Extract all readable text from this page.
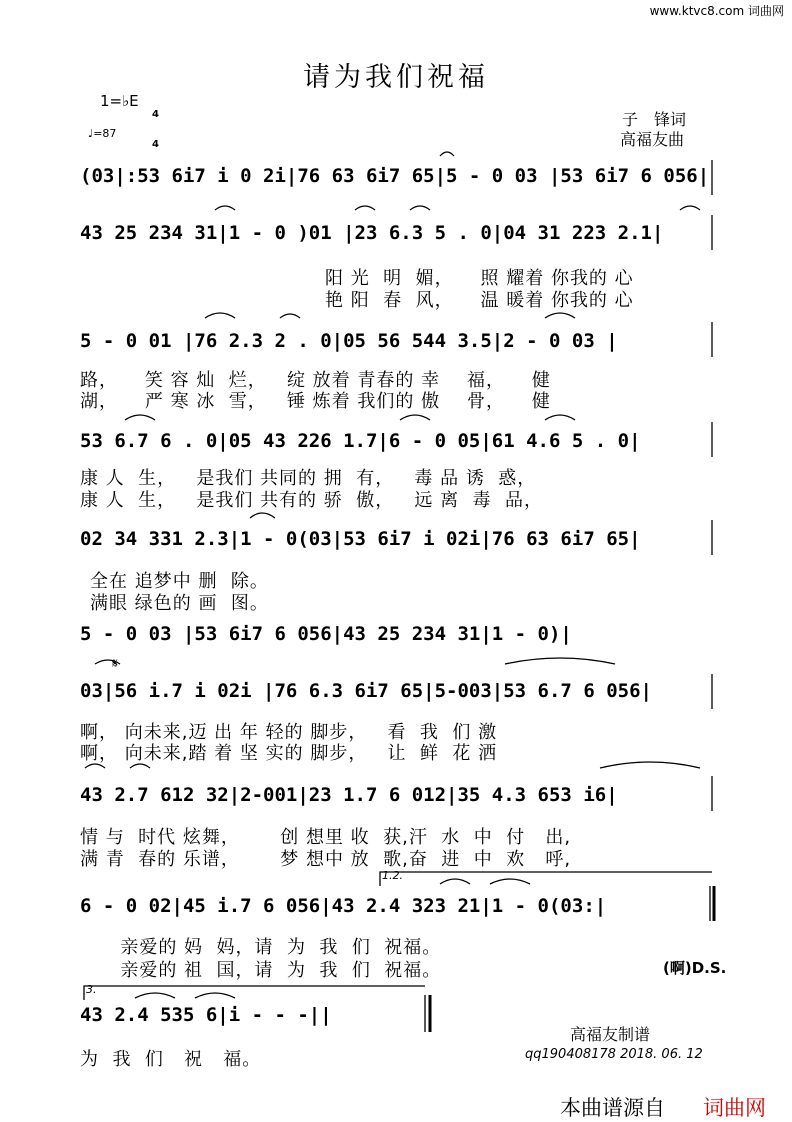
www.ktvc8.com 词曲网
请为我们祝福
1=♭E

4

4

♩=87
子　锋词
高福友曲
(03|:53 6i7 i 0 2i|76 63 6i7 65|5 - 0 03 |53 6i7 6 056|
43 25 234 31|1 - 0 )01 |23 6.3 5 . 0|04 31 223 2.1|
阳 光  明  媚，    照 耀着 你我的 心
艳 阳  春  风，    温 暖着 你我的 心
5 - 0 01 |76 2.3 2 . 0|05 56 544 3.5|2 - 0 03 |
路，    笑 容 灿  烂，   绽 放着 青春的 幸    福，    健
湖，    严 寒 冰  雪，   锤 炼着 我们的 傲    骨，    健
53 6.7 6 . 0|05 43 226 1.7|6 - 0 05|61 4.6 5 . 0|
康 人  生，   是我们 共同的 拥  有，   毒 品 诱  惑，
康 人  生，   是我们 共有的 骄  傲，   远 离  毒  品，
02 34 331 2.3|1 - 0(03|53 6i7 i 02i|76 63 6i7 65|
全在 追梦中 删  除。
满眼 绿色的 画  图。
5 - 0 03 |53 6i7 6 056|43 25 234 31|1 - 0)|
03|56 i.7 i 02i |76 6.3 6i7 65|5-003|53 6.7 6 056|
啊， 向未来,迈 出 年 轻的 脚步，   看  我  们 激
啊， 向未来,踏 着 坚 实的 脚步，   让  鲜  花 洒
43 2.7 612 32|2-001|23 1.7 6 012|35 4.3 653 i6|
情 与  时代 炫舞，      创 想里 收  获,汗  水  中  付   出,
满 青  春的 乐谱，      梦 想中 放  歌,奋  进  中  欢   呼,
1.2.
6 - 0 02|45 i.7 6 056|43 2.4 323 21|1 - 0(03:|
亲爱的 妈  妈，请  为  我  们  祝福。
亲爱的 祖  国，请  为  我  们  祝福。	(啊)D.S.
3.
43 2.4 535 6|i - - -||
为  我  们   祝   福。
高福友制谱
qq190408178 2018. 06. 12
本曲谱源自 词曲网
𝄋
